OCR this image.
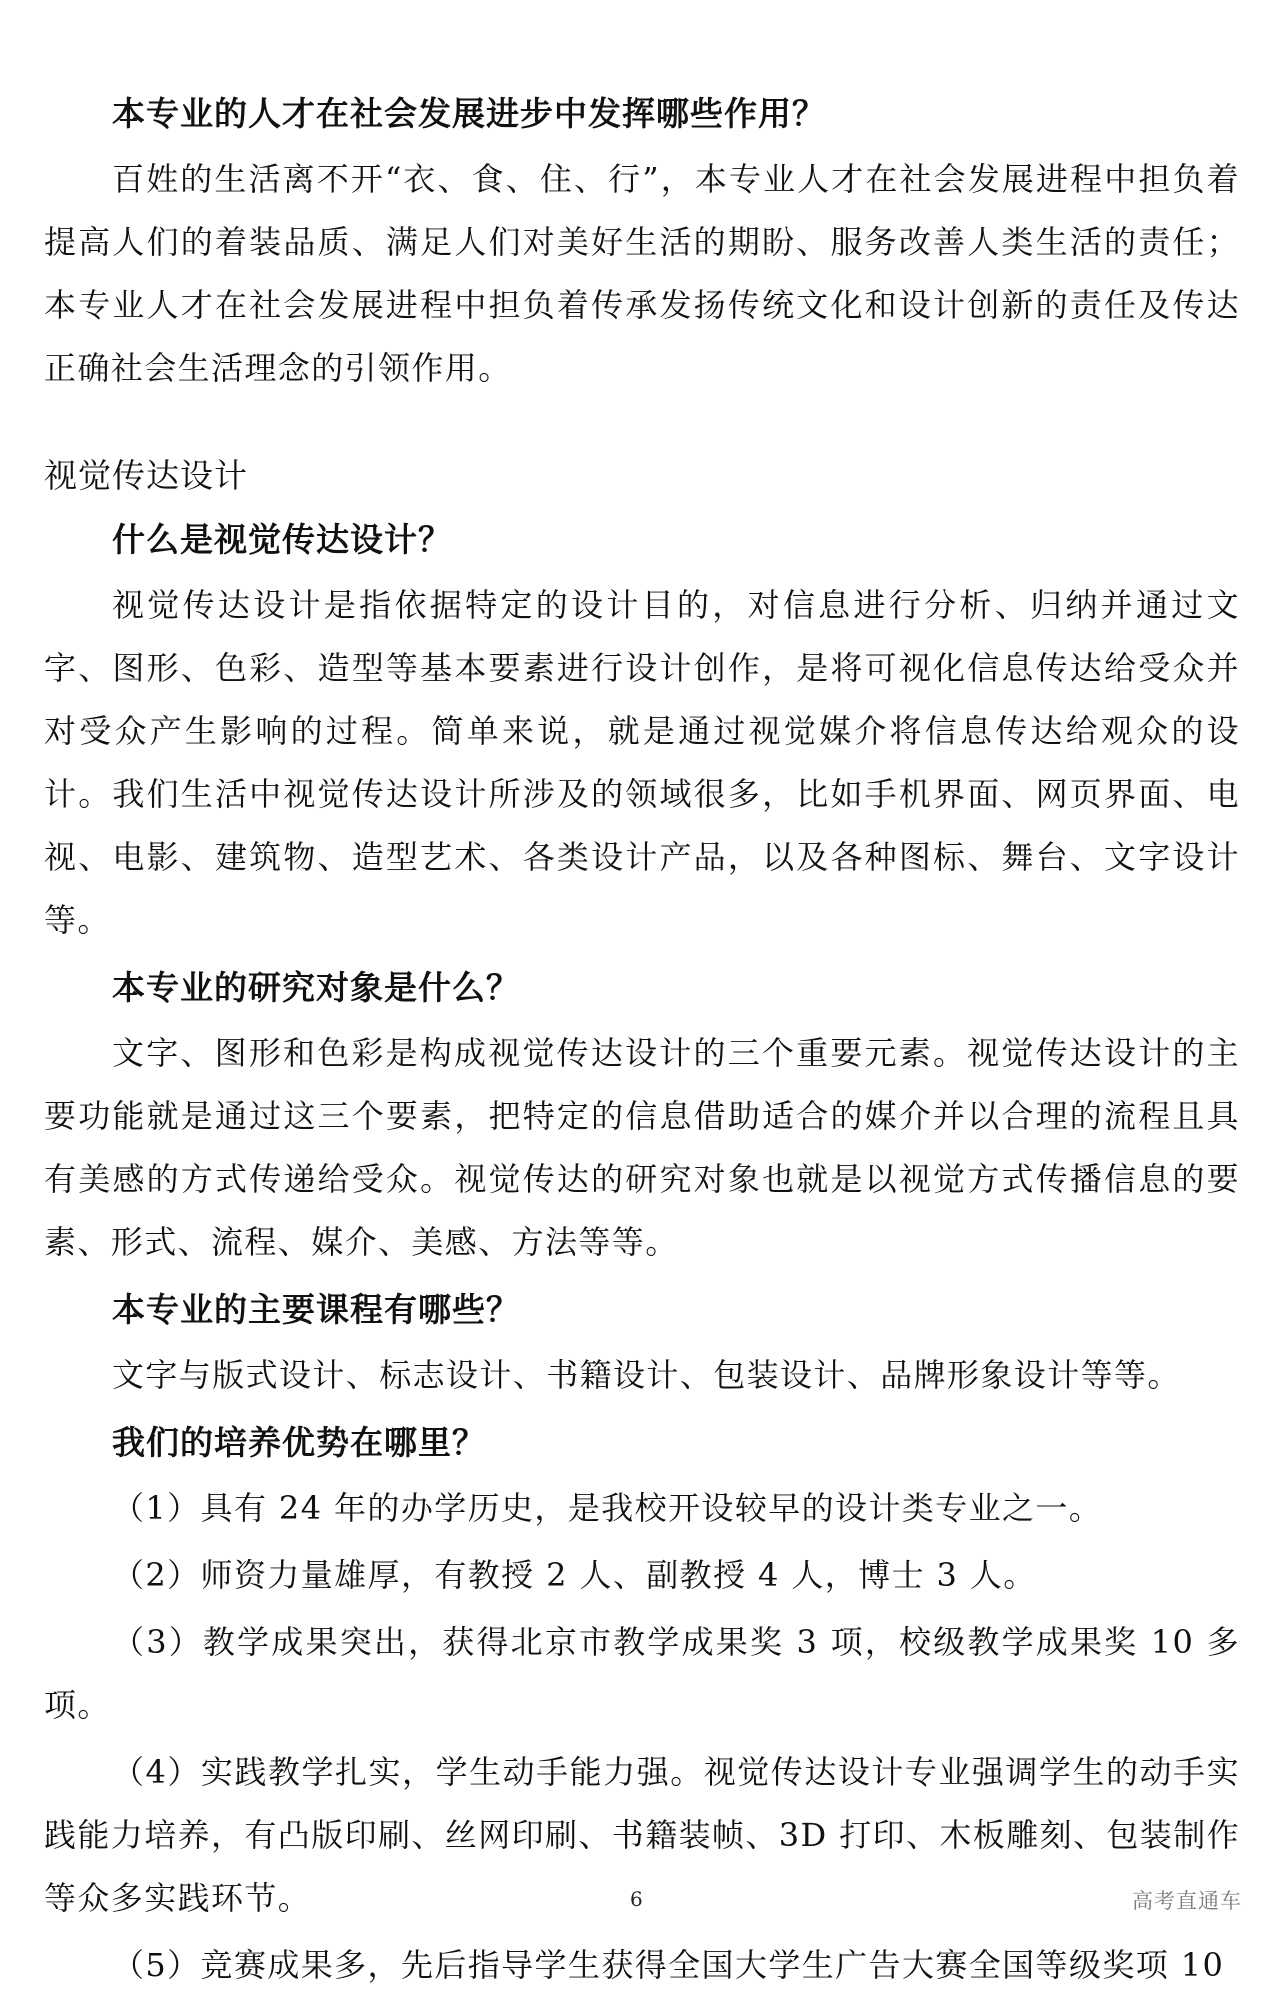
本专业的人才在社会发展进步中发挥哪些作用？

百姓的生活离不开“衣、食、住、行”，本专业人才在社会发展进程中担负着提高人们的着装品质、满足人们对美好生活的期盼、服务改善人类生活的责任；本专业人才在社会发展进程中担负着传承发扬传统文化和设计创新的责任及传达正确社会生活理念的引领作用。

视觉传达设计

什么是视觉传达设计？

视觉传达设计是指依据特定的设计目的，对信息进行分析、归纳并通过文字、图形、色彩、造型等基本要素进行设计创作，是将可视化信息传达给受众并对受众产生影响的过程。简单来说，就是通过视觉媒介将信息传达给观众的设计。我们生活中视觉传达设计所涉及的领域很多，比如手机界面、网页界面、电视、电影、建筑物、造型艺术、各类设计产品，以及各种图标、舞台、文字设计等。

本专业的研究对象是什么？

文字、图形和色彩是构成视觉传达设计的三个重要元素。视觉传达设计的主要功能就是通过这三个要素，把特定的信息借助适合的媒介并以合理的流程且具有美感的方式传递给受众。视觉传达的研究对象也就是以视觉方式传播信息的要素、形式、流程、媒介、美感、方法等等。

本专业的主要课程有哪些？

文字与版式设计、标志设计、书籍设计、包装设计、品牌形象设计等等。

我们的培养优势在哪里？

（1）具有 24 年的办学历史，是我校开设较早的设计类专业之一。

（2）师资力量雄厚，有教授 2 人、副教授 4 人，博士 3 人。

（3）教学成果突出，获得北京市教学成果奖 3 项，校级教学成果奖 10 多项。

（4）实践教学扎实，学生动手能力强。视觉传达设计专业强调学生的动手实践能力培养，有凸版印刷、丝网印刷、书籍装帧、3D 打印、木板雕刻、包装制作等众多实践环节。

（5）竞赛成果多，先后指导学生获得全国大学生广告大赛全国等级奖项 10

6	高考直通车
